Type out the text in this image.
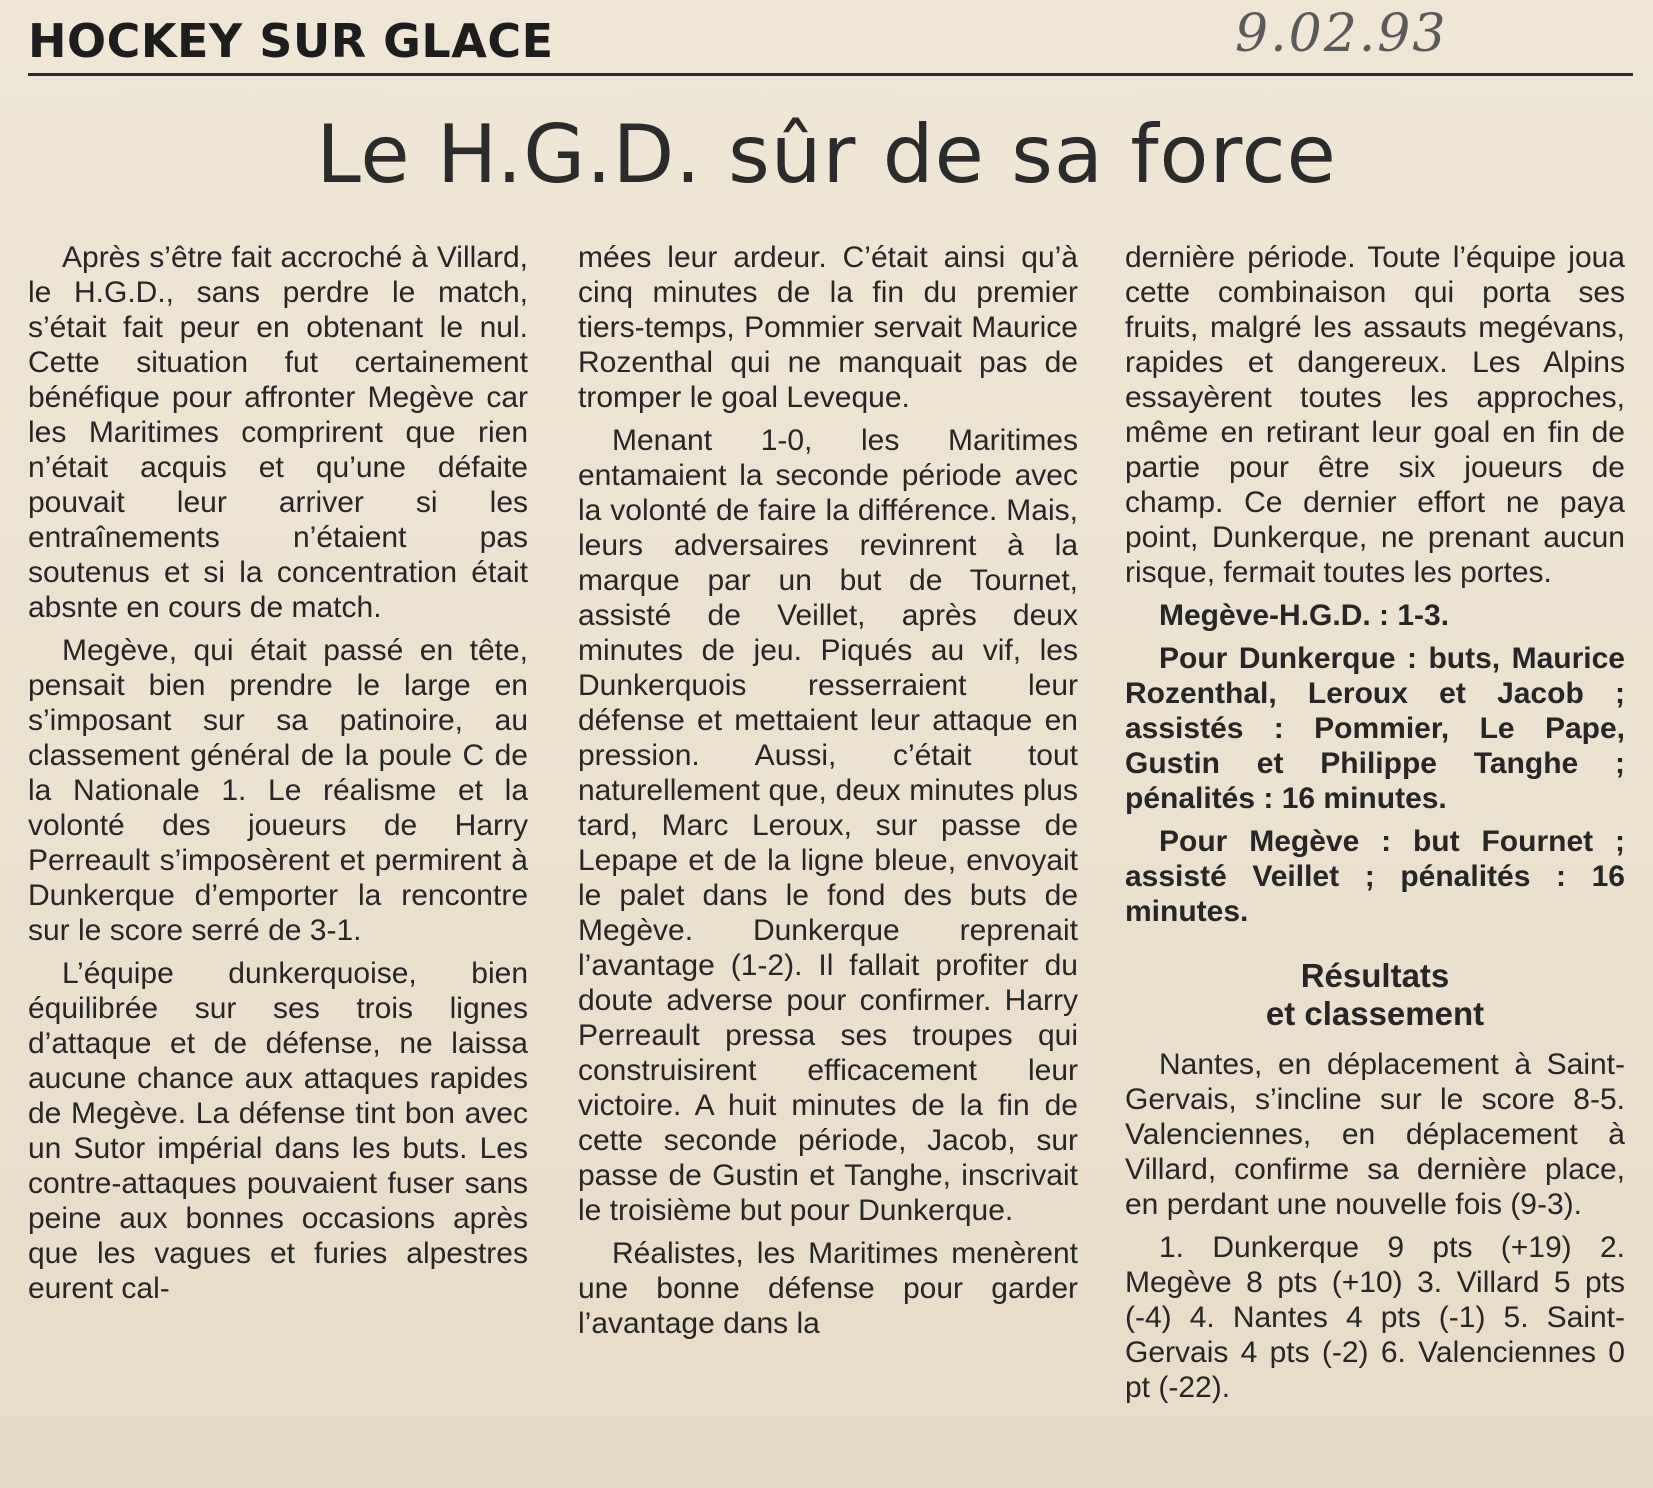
HOCKEY SUR GLACE	9.02.93
Le H.G.D. sûr de sa force

Après s’être fait accroché à Villard, le H.G.D., sans perdre le match, s’était fait peur en obtenant le nul. Cette situation fut certainement bénéfique pour affronter Megève car les Maritimes comprirent que rien n’était acquis et qu’une défaite pouvait leur arriver si les entraînements n’étaient pas soutenus et si la concentration était absnte en cours de match.

Megève, qui était passé en tête, pensait bien prendre le large en s’imposant sur sa patinoire, au classement général de la poule C de la Nationale 1. Le réalisme et la volonté des joueurs de Harry Perreault s’imposèrent et permirent à Dunkerque d’emporter la rencontre sur le score serré de 3-1.

L’équipe dunkerquoise, bien équilibrée sur ses trois lignes d’attaque et de défense, ne laissa aucune chance aux attaques rapides de Megève. La défense tint bon avec un Sutor impérial dans les buts. Les contre-attaques pouvaient fuser sans peine aux bonnes occasions après que les vagues et furies alpestres eurent cal-

mées leur ardeur. C’était ainsi qu’à cinq minutes de la fin du premier tiers-temps, Pommier servait Maurice Rozenthal qui ne manquait pas de tromper le goal Leveque.

Menant 1-0, les Maritimes entamaient la seconde période avec la volonté de faire la différence. Mais, leurs adversaires revinrent à la marque par un but de Tournet, assisté de Veillet, après deux minutes de jeu. Piqués au vif, les Dunkerquois resserraient leur défense et mettaient leur attaque en pression. Aussi, c’était tout naturellement que, deux minutes plus tard, Marc Leroux, sur passe de Lepape et de la ligne bleue, envoyait le palet dans le fond des buts de Megève. Dunkerque reprenait l’avantage (1-2). Il fallait profiter du doute adverse pour confirmer. Harry Perreault pressa ses troupes qui construisirent efficacement leur victoire. A huit minutes de la fin de cette seconde période, Jacob, sur passe de Gustin et Tanghe, inscrivait le troisième but pour Dunkerque.

Réalistes, les Maritimes menèrent une bonne défense pour garder l’avantage dans la

dernière période. Toute l’équipe joua cette combinaison qui porta ses fruits, malgré les assauts megévans, rapides et dangereux. Les Alpins essayèrent toutes les approches, même en retirant leur goal en fin de partie pour être six joueurs de champ. Ce dernier effort ne paya point, Dunkerque, ne prenant aucun risque, fermait toutes les portes.

Megève-H.G.D. : 1-3.

Pour Dunkerque : buts, Maurice Rozenthal, Leroux et Jacob ; assistés : Pommier, Le Pape, Gustin et Philippe Tanghe ; pénalités : 16 minutes.

Pour Megève : but Fournet ; assisté Veillet ; pénalités : 16 minutes.

Résultats
et classement

Nantes, en déplacement à Saint-Gervais, s’incline sur le score 8-5. Valenciennes, en déplacement à Villard, confirme sa dernière place, en perdant une nouvelle fois (9-3).

1. Dunkerque 9 pts (+19) 2. Megève 8 pts (+10) 3. Villard 5 pts (-4) 4. Nantes 4 pts (-1) 5. Saint-Gervais 4 pts (-2) 6. Valenciennes 0 pt (-22).
